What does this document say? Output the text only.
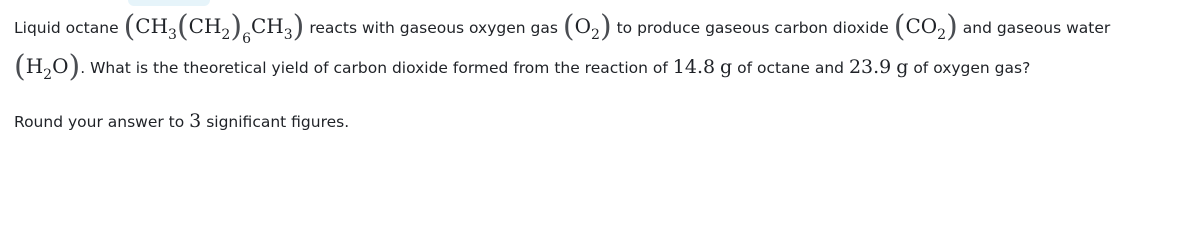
Liquid octane $(CH_3(CH_2)_6CH_3)$ reacts with gaseous oxygen gas $(O_2)$ to produce gaseous carbon dioxide $(CO_2)$ and gaseous water
$(H_2O)$. What is the theoretical yield of carbon dioxide formed from the reaction of 14.8 g of octane and 23.9 g of oxygen gas?
Round your answer to 3 significant figures.
